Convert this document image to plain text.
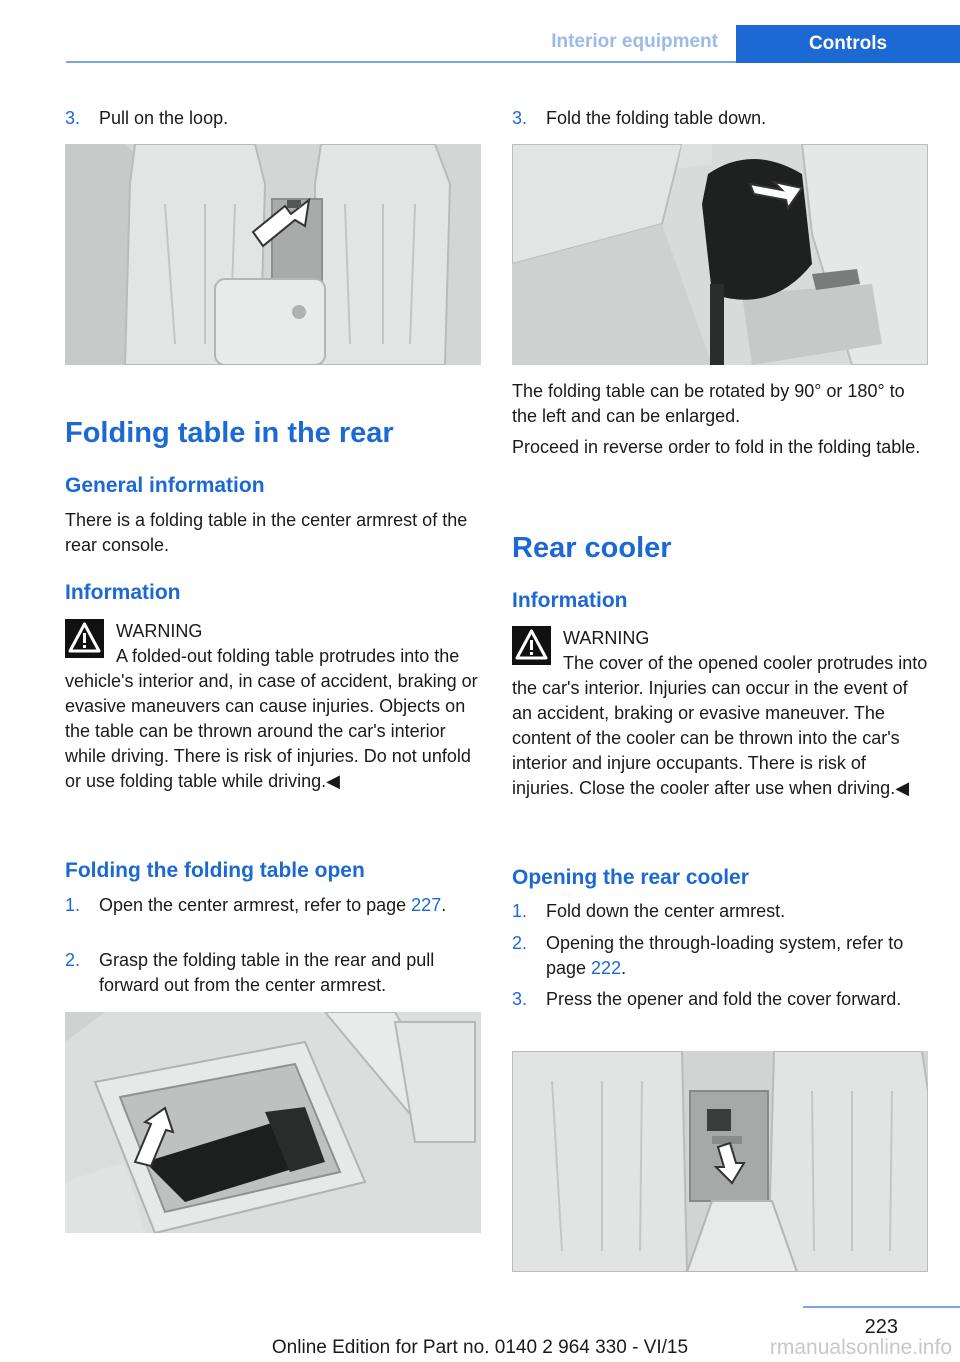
Interior equipment	Controls
3. Pull on the loop.
Folding table in the rear
General information
There is a folding table in the center armrest of the rear console.
Information
WARNING
A folded-out folding table protrudes into the vehicle's interior and, in case of accident, braking or evasive maneuvers can cause injuries. Objects on the table can be thrown around the car's interior while driving. There is risk of injuries. Do not unfold or use folding table while driving.◀
Folding the folding table open
1. Open the center armrest, refer to page 227.
2. Grasp the folding table in the rear and pull forward out from the center armrest.
3. Fold the folding table down.
The folding table can be rotated by 90° or 180° to the left and can be enlarged.
Proceed in reverse order to fold in the folding table.
Rear cooler
Information
WARNING
The cover of the opened cooler protrudes into the car's interior. Injuries can occur in the event of an accident, braking or evasive maneuver. The content of the cooler can be thrown into the car's interior and injure occupants. There is risk of injuries. Close the cooler after use when driving.◀
Opening the rear cooler
1. Fold down the center armrest.
2. Opening the through-loading system, refer to page 222.
3. Press the opener and fold the cover forward.
223
Online Edition for Part no. 0140 2 964 330 - VI/15	rmanualsonline.info
